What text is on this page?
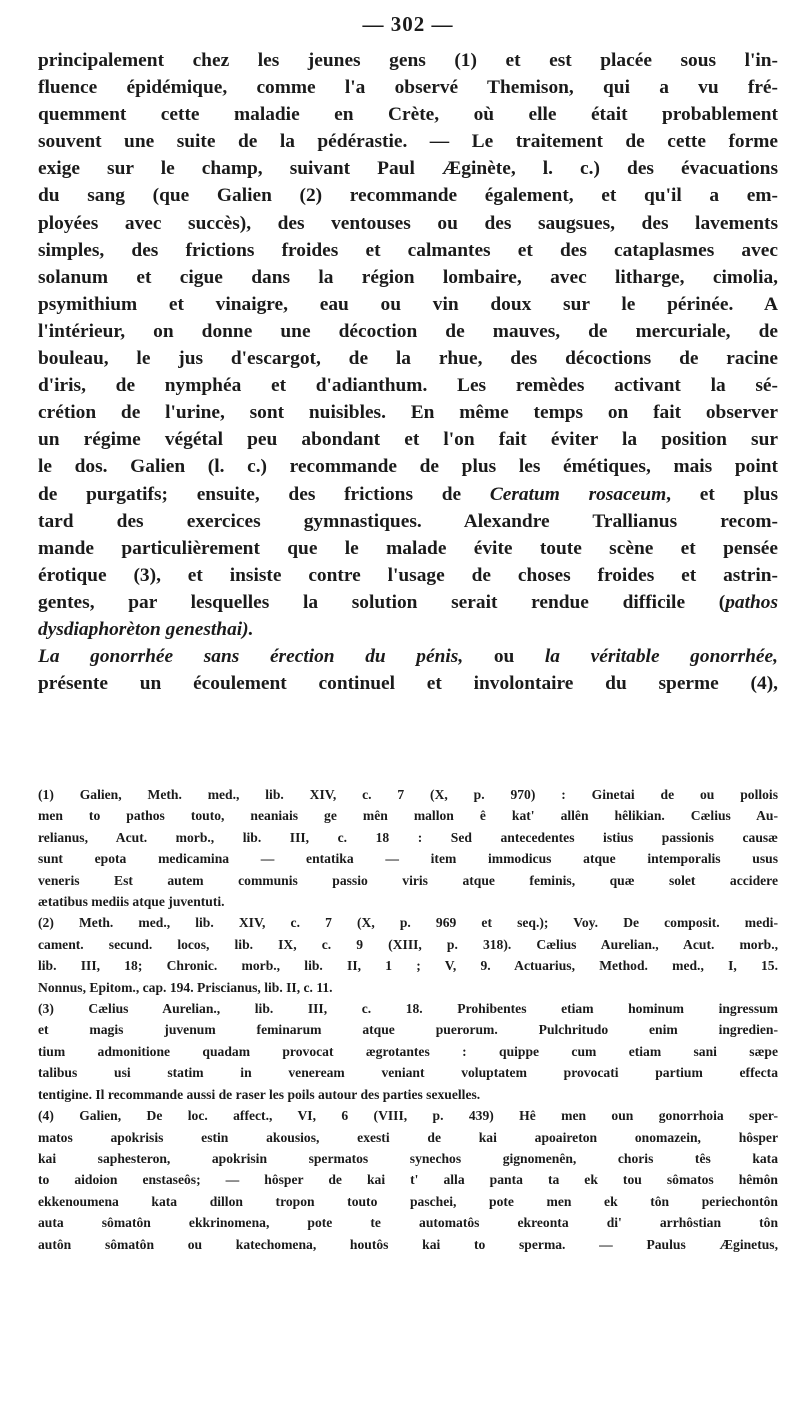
— 302 —
principalement chez les jeunes gens (1) et est placée sous l'in-
fluence épidémique, comme l'a observé Themison, qui a vu fré-
quemment cette maladie en Crète, où elle était probablement
souvent une suite de la pédérastie. — Le traitement de cette forme
exige sur le champ, suivant Paul Æginète, l. c.) des évacuations
du sang (que Galien (2) recommande également, et qu'il a em-
ployées avec succès), des ventouses ou des saugsues, des lavements
simples, des frictions froides et calmantes et des cataplasmes avec
solanum et cigue dans la région lombaire, avec litharge, cimolia,
psymithium et vinaigre, eau ou vin doux sur le périnée. A
l'intérieur, on donne une décoction de mauves, de mercuriale, de
bouleau, le jus d'escargot, de la rhue, des décoctions de racine
d'iris, de nymphéa et d'adianthum. Les remèdes activant la sé-
crétion de l'urine, sont nuisibles. En même temps on fait observer
un régime végétal peu abondant et l'on fait éviter la position sur
le dos. Galien (l. c.) recommande de plus les émétiques, mais point
de purgatifs; ensuite, des frictions de Ceratum rosaceum, et plus
tard des exercices gymnastiques. Alexandre Trallianus recom-
mande particulièrement que le malade évite toute scène et pensée
érotique (3), et insiste contre l'usage de choses froides et astrin-
gentes, par lesquelles la solution serait rendue difficile (pathos
dysdiaphorèton genesthai).
La gonorrhée sans érection du pénis, ou la véritable gonorrhée,
présente un écoulement continuel et involontaire du sperme (4),
(1) Galien, Meth. med., lib. XIV, c. 7 (X, p. 970) : Ginetai de ou pollois
men to pathos touto, neaniais ge mên mallon ê kat' allên hêlikian. Cælius Au-
relianus, Acut. morb., lib. III, c. 18 : Sed antecedentes istius passionis causæ
sunt epota medicamina — entatika — item immodicus atque intemporalis usus
veneris Est autem communis passio viris atque feminis, quæ solet accidere
ætatibus mediis atque juventuti.
(2) Meth. med., lib. XIV, c. 7 (X, p. 969 et seq.); Voy. De composit. medi-
cament. secund. locos, lib. IX, c. 9 (XIII, p. 318). Cælius Aurelian., Acut. morb.,
lib. III, 18; Chronic. morb., lib. II, 1 ; V, 9. Actuarius, Method. med., I, 15.
Nonnus, Epitom., cap. 194. Priscianus, lib. II, c. 11.
(3) Cælius Aurelian., lib. III, c. 18. Prohibentes etiam hominum ingressum
et magis juvenum feminarum atque puerorum. Pulchritudo enim ingredien-
tium admonitione quadam provocat ægrotantes : quippe cum etiam sani sæpe
talibus usi statim in veneream veniant voluptatem provocati partium effecta
tentigine. Il recommande aussi de raser les poils autour des parties sexuelles.
(4) Galien, De loc. affect., VI, 6 (VIII, p. 439) Hê men oun gonorrhoia sper-
matos apokrisis estin akousios, exesti de kai apoaireton onomazein, hôsper
kai saphesteron, apokrisin spermatos synechos gignomenên, choris tês kata
to aidoion enstaseôs; — hôsper de kai t' alla panta ta ek tou sômatos hêmôn
ekkenoumena kata dillon tropon touto paschei, pote men ek tôn periechontôn
auta sômatôn ekkrinomena, pote te automatôs ekreonta di' arrhôstian tôn
autôn sômatôn ou katechomena, houtôs kai to sperma. — Paulus Æginetus,
